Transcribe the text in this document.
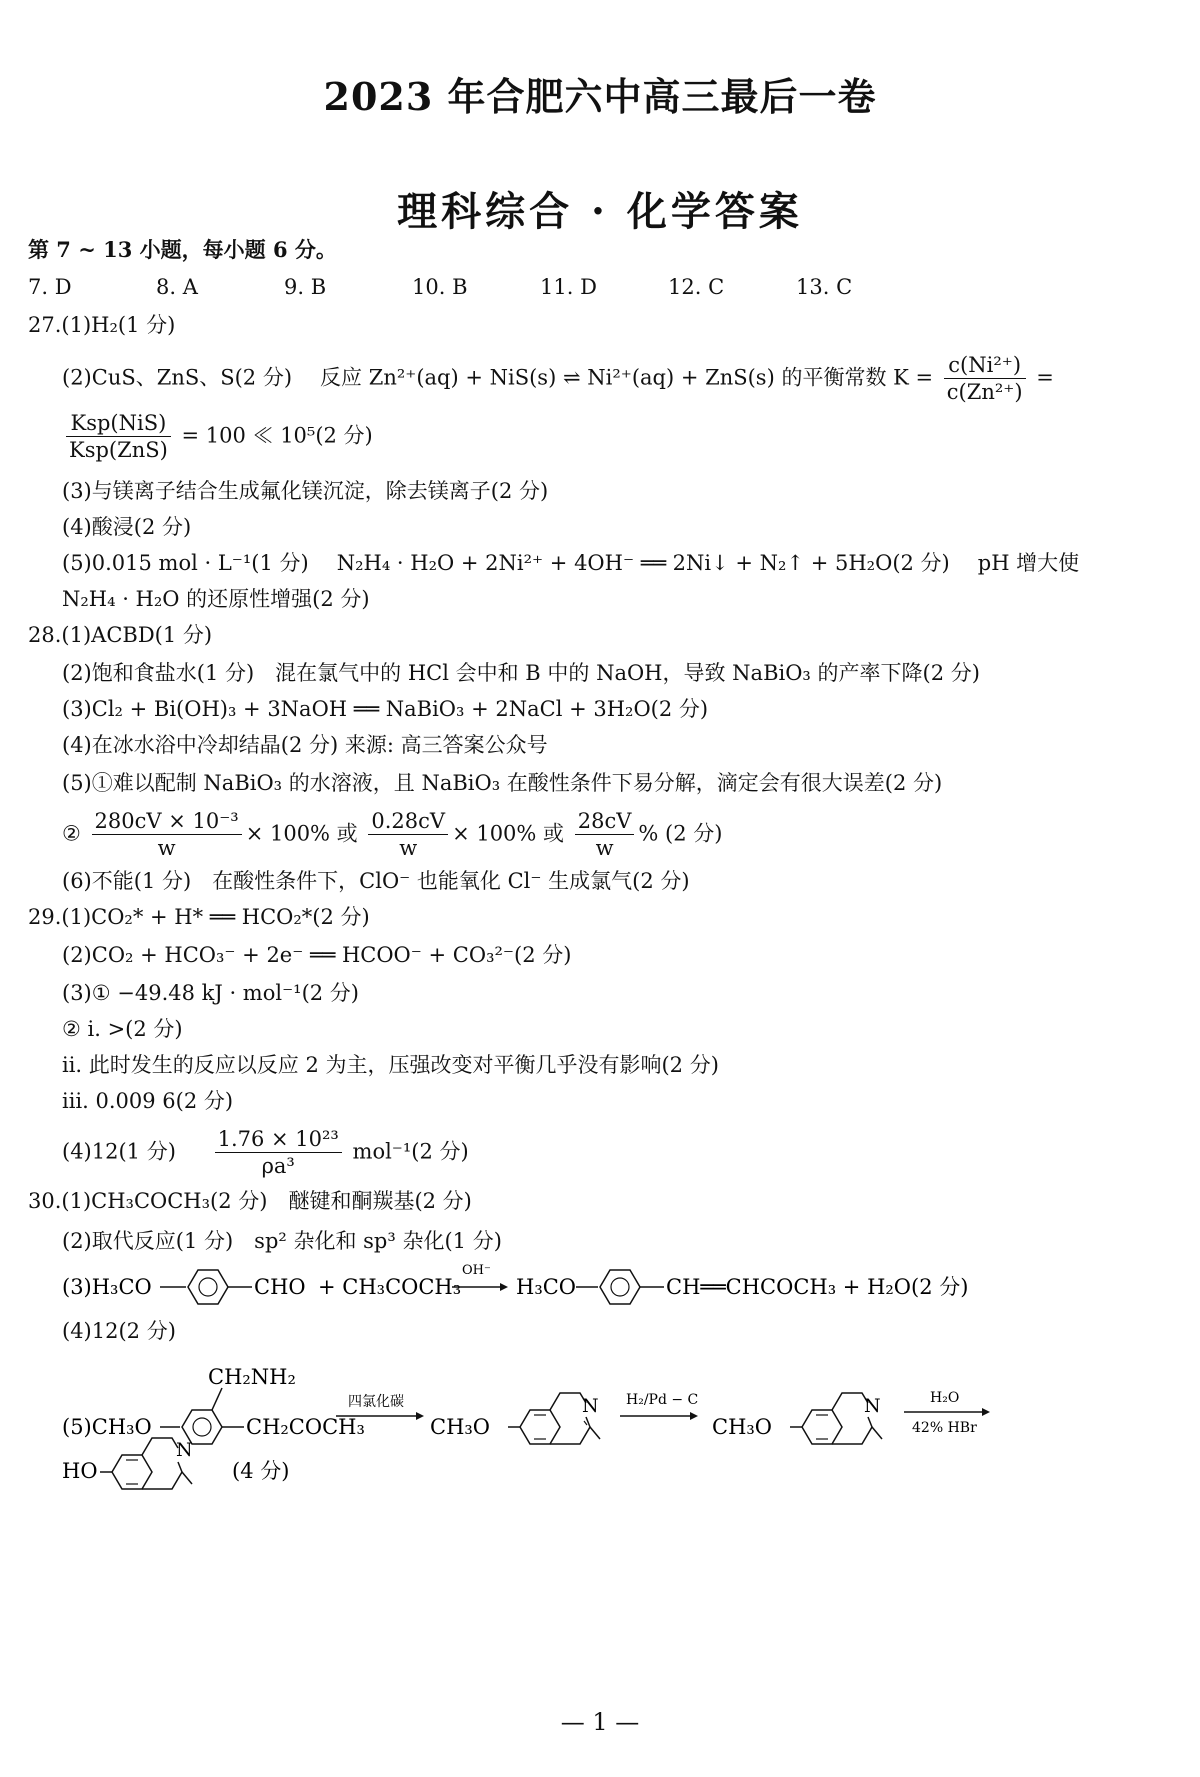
2023 年合肥六中高三最后一卷
理科综合 · 化学答案
第 7 ~ 13 小题，每小题 6 分。
7. D	8. A	9. B	10. B	11. D	12. C	13. C
27.(1)H₂(1 分)
(2)CuS、ZnS、S(2 分) 反应 Zn²⁺(aq) + NiS(s) ⇌ Ni²⁺(aq) + ZnS(s) 的平衡常数 $K = \frac{\text{c(Ni²⁺)}}{\text{c(Zn²⁺)}}$ =
$\frac{\text{Ksp(NiS)}}{\text{Ksp(ZnS)}} = 100$ ≪ 10⁵(2 分)
(3)与镁离子结合生成氟化镁沉淀，除去镁离子(2 分)
(4)酸浸(2 分)
(5)0.015 mol · L⁻¹(1 分) N₂H₄ · H₂O + 2Ni²⁺ + 4OH⁻ ══ 2Ni↓ + N₂↑ + 5H₂O(2 分) pH 增大使
N₂H₄ · H₂O 的还原性增强(2 分)
28.(1)ACBD(1 分)
(2)饱和食盐水(1 分)　混在氯气中的 HCl 会中和 B 中的 NaOH，导致 NaBiO₃ 的产率下降(2 分)
(3)Cl₂ + Bi(OH)₃ + 3NaOH ══ NaBiO₃ + 2NaCl + 3H₂O(2 分)
(4)在冰水浴中冷却结晶(2 分) 来源: 高三答案公众号
(5)①难以配制 NaBiO₃ 的水溶液，且 NaBiO₃ 在酸性条件下易分解，滴定会有很大误差(2 分)
② $\frac{\text{280cV × 10⁻³}}{w} \times 100\%$ 或 $\frac{0.28cV}{w} \times 100\%$ 或 $\frac{28cV}{w}$ % (2 分)
(6)不能(1 分)　在酸性条件下，ClO⁻ 也能氧化 Cl⁻ 生成氯气(2 分)
29.(1)CO₂* + H* ══ HCO₂*(2 分)
(2)CO₂ + HCO₃⁻ + 2e⁻ ══ HCOO⁻ + CO₃²⁻(2 分)
(3)① −49.48 kJ · mol⁻¹(2 分)
② ⅰ. >(2 分)
ⅱ. 此时发生的反应以反应 2 为主，压强改变对平衡几乎没有影响(2 分)
ⅲ. 0.009 6(2 分)
(4)12(1 分) $\frac{\text{1.76 × 10²³}}{\text{ρa³}} mol^{-1}(2$ 分)
30.(1)CH₃COCH₃(2 分)　醚键和酮羰基(2 分)
(2)取代反应(1 分)　sp² 杂化和 sp³ 杂化(1 分)
(3)H₃CO	CHO + CH₃COCH₃
OH⁻
H₃CO	CH══CHCOCH₃ + H₂O(2 分)
(4)12(2 分)
(5)CH₃O
CH₂NH₂
CH₂COCH₃
四氯化碳
CH₃O
N H₂/Pd − C
CH₃O
N	H₂O
42% HBr
HO
N
(4 分)
— 1 —
